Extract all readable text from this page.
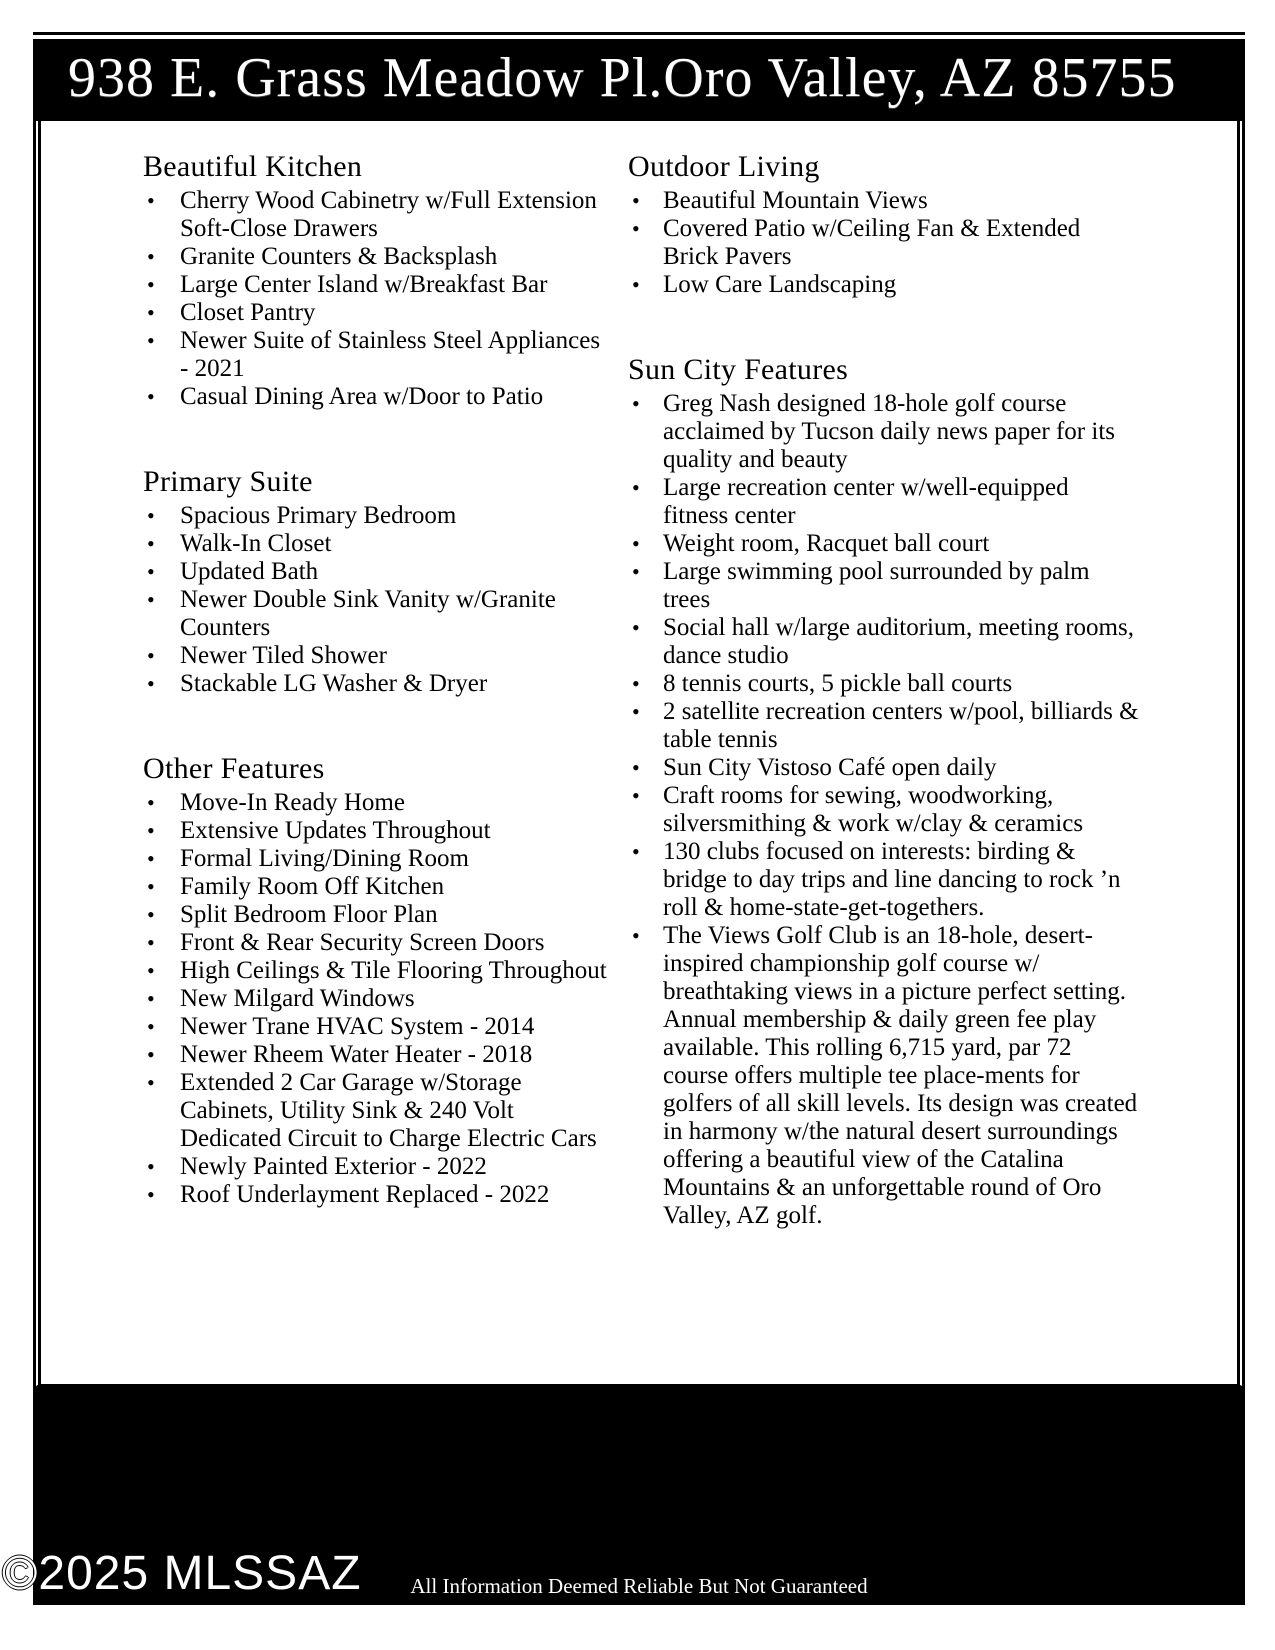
938 E. Grass Meadow Pl. Oro Valley, AZ 85755
Beautiful Kitchen
• Cherry Wood Cabinetry w/Full Extension Soft-Close Drawers
• Granite Counters & Backsplash
• Large Center Island w/Breakfast Bar
• Closet Pantry
• Newer Suite of Stainless Steel Appliances - 2021
• Casual Dining Area w/Door to Patio
Primary Suite
• Spacious Primary Bedroom
• Walk-In Closet
• Updated Bath
• Newer Double Sink Vanity w/Granite Counters
• Newer Tiled Shower
• Stackable LG Washer & Dryer
Other Features
• Move-In Ready Home
• Extensive Updates Throughout
• Formal Living/Dining Room
• Family Room Off Kitchen
• Split Bedroom Floor Plan
• Front & Rear Security Screen Doors
• High Ceilings & Tile Flooring Throughout
• New Milgard Windows
• Newer Trane HVAC System - 2014
• Newer Rheem Water Heater - 2018
• Extended 2 Car Garage w/Storage Cabinets, Utility Sink & 240 Volt Dedicated Circuit to Charge Electric Cars
• Newly Painted Exterior - 2022
• Roof Underlayment Replaced - 2022
Outdoor Living
• Beautiful Mountain Views
• Covered Patio w/Ceiling Fan & Extended Brick Pavers
• Low Care Landscaping
Sun City Features
• Greg Nash designed 18-hole golf course acclaimed by Tucson daily news paper for its quality and beauty
• Large recreation center w/well-equipped fitness center
• Weight room, Racquet ball court
• Large swimming pool surrounded by palm trees
• Social hall w/large auditorium, meeting rooms, dance studio
• 8 tennis courts, 5 pickle ball courts
• 2 satellite recreation centers w/pool, billiards & table tennis
• Sun City Vistoso Café open daily
• Craft rooms for sewing, woodworking, silversmithing & work w/clay & ceramics
• 130 clubs focused on interests: birding & bridge to day trips and line dancing to rock ’n roll & home-state-get-togethers.
• The Views Golf Club is an 18-hole, desert-inspired championship golf course w/ breathtaking views in a picture perfect setting. Annual membership & daily green fee play available. This rolling 6,715 yard, par 72 course offers multiple tee place-ments for golfers of all skill levels. Its design was created in harmony w/the natural desert surroundings offering a beautiful view of the Catalina Mountains & an unforgettable round of Oro Valley, AZ golf.
©2025 MLSSAZ	All Information Deemed Reliable But Not Guaranteed
